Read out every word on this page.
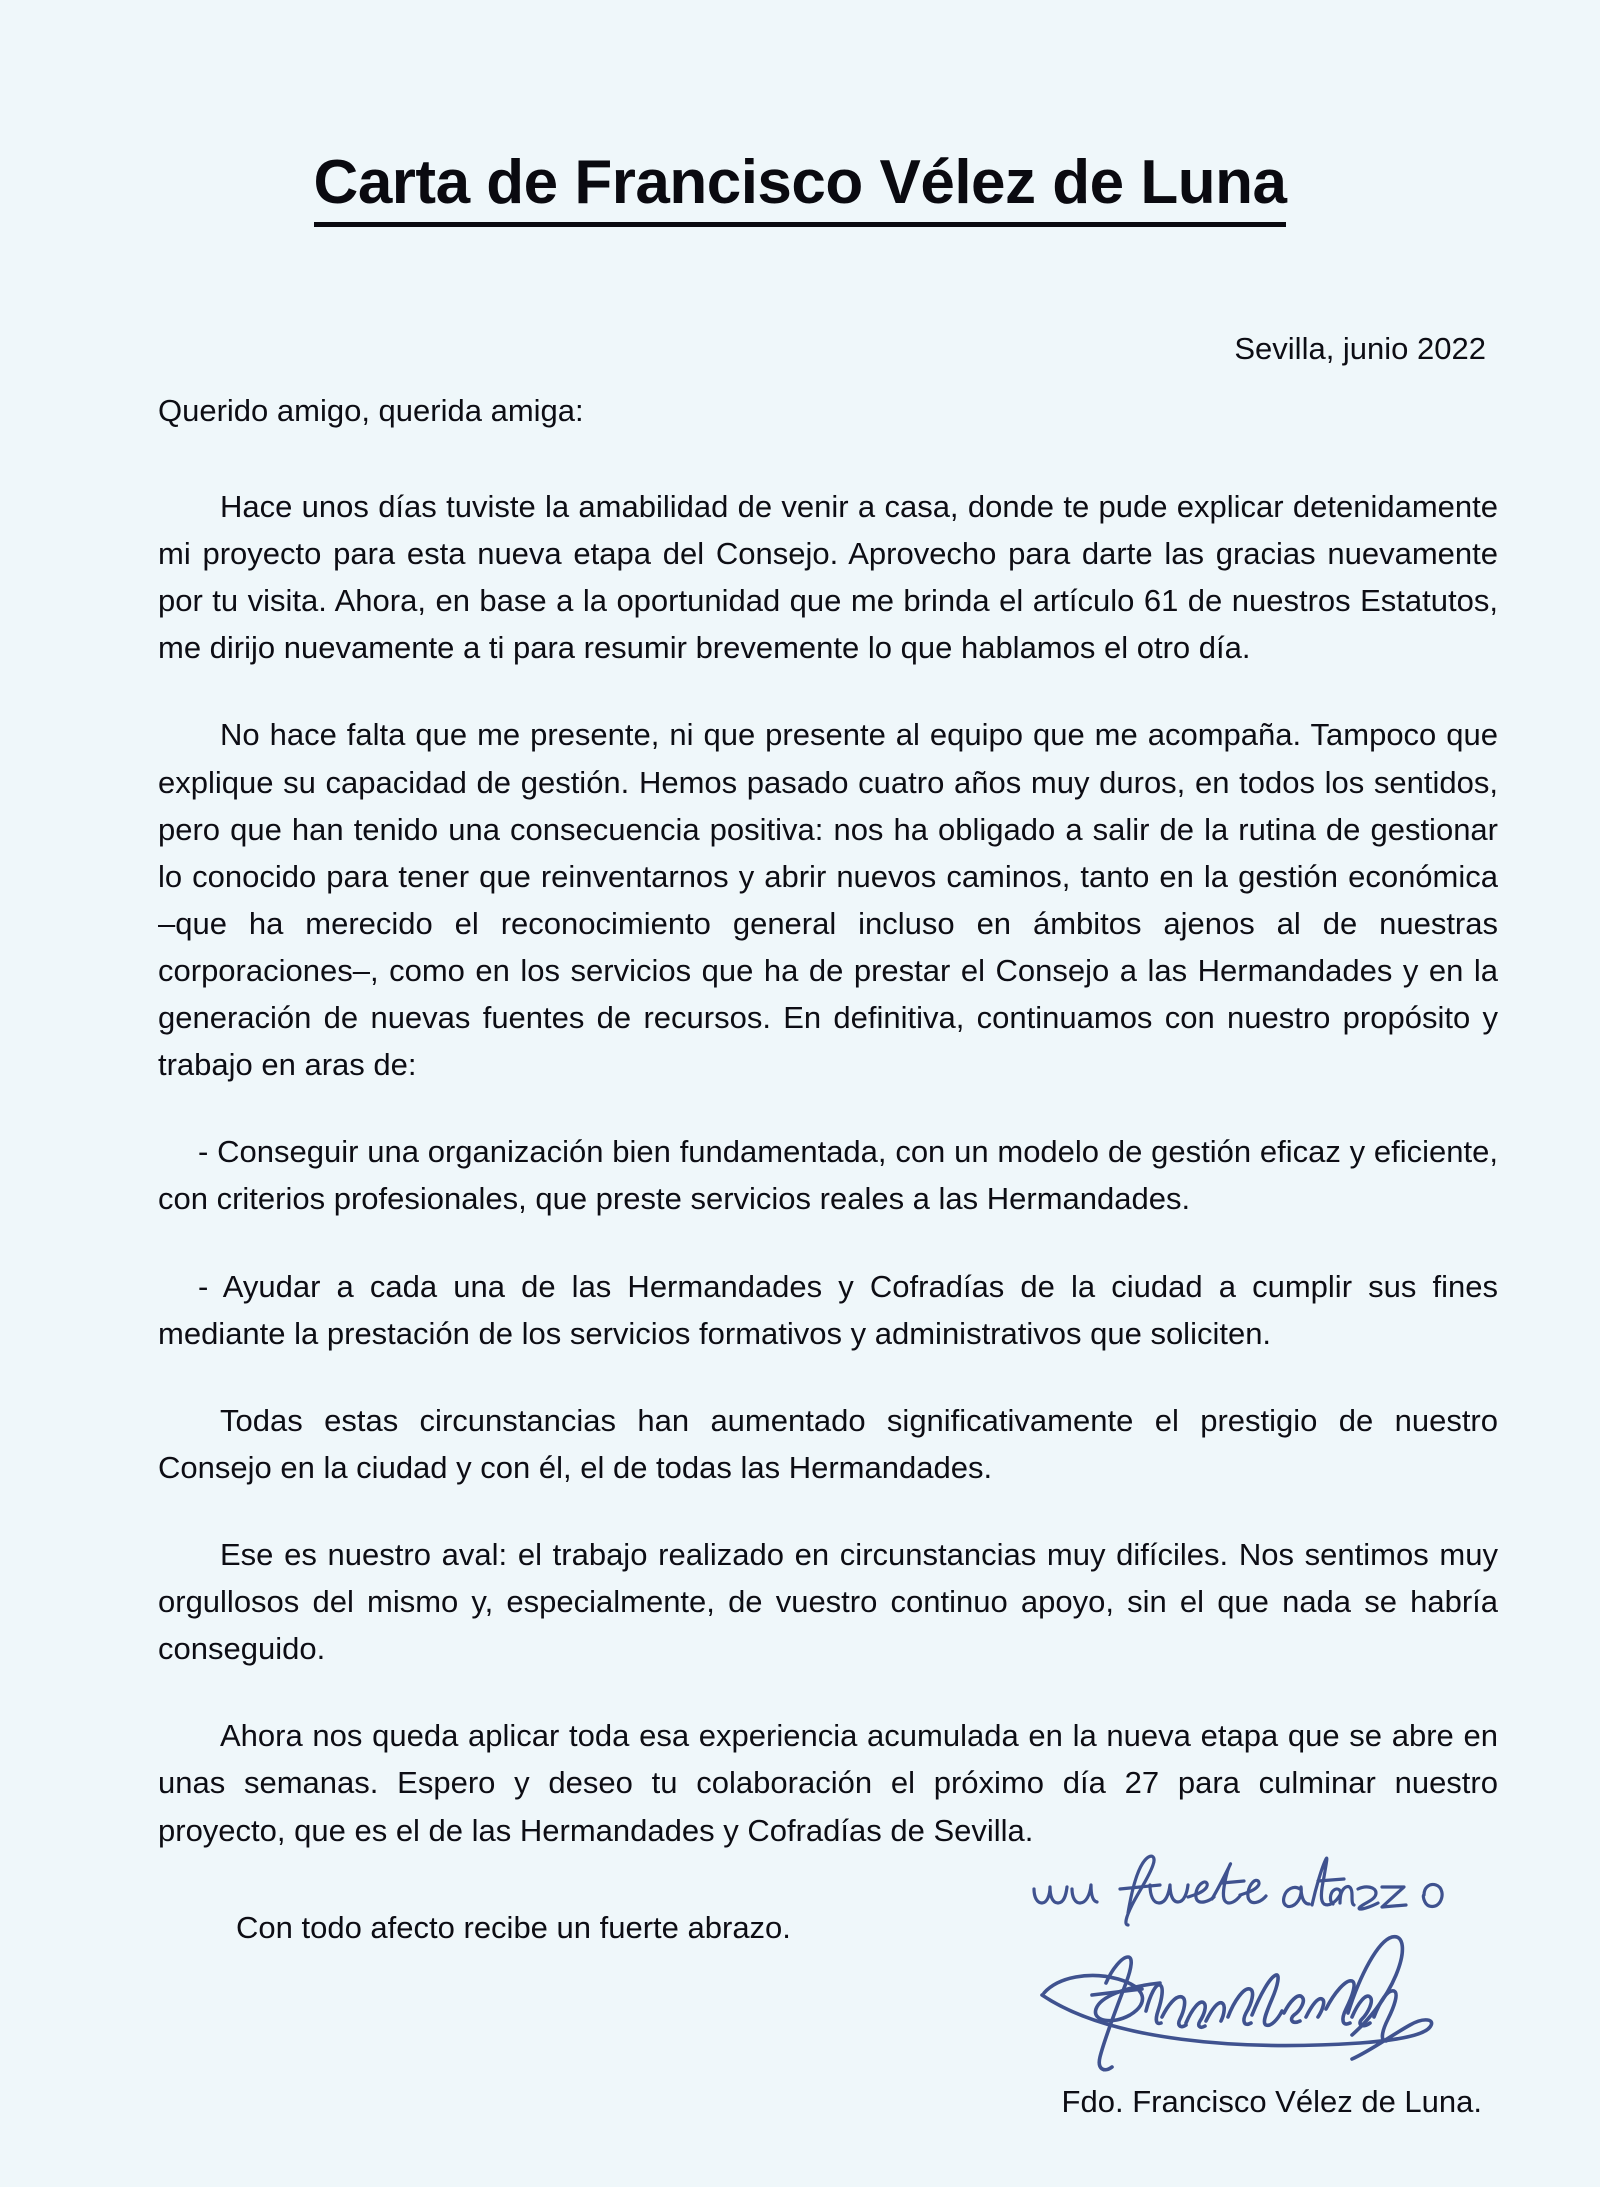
Carta de Francisco Vélez de Luna
Sevilla, junio 2022
Querido amigo, querida amiga:

Hace unos días tuviste la amabilidad de venir a casa, donde te pude explicar detenidamente mi proyecto para esta nueva etapa del Consejo. Aprovecho para darte las gracias nuevamente por tu visita. Ahora, en base a la oportunidad que me brinda el artículo 61 de nuestros Estatutos, me dirijo nuevamente a ti para resumir brevemente lo que hablamos el otro día.

No hace falta que me presente, ni que presente al equipo que me acompaña. Tampoco que explique su capacidad de gestión. Hemos pasado cuatro años muy duros, en todos los sentidos, pero que han tenido una consecuencia positiva: nos ha obligado a salir de la rutina de gestionar lo conocido para tener que reinventarnos y abrir nuevos caminos, tanto en la gestión económica –que ha merecido el reconocimiento general incluso en ámbitos ajenos al de nuestras corporaciones–, como en los servicios que ha de prestar el Consejo a las Hermandades y en la generación de nuevas fuentes de recursos. En definitiva, continuamos con nuestro propósito y trabajo en aras de:

- Conseguir una organización bien fundamentada, con un modelo de gestión eficaz y eficiente, con criterios profesionales, que preste servicios reales a las Hermandades.

- Ayudar a cada una de las Hermandades y Cofradías de la ciudad a cumplir sus fines mediante la prestación de los servicios formativos y administrativos que soliciten.

Todas estas circunstancias han aumentado significativamente el prestigio de nuestro Consejo en la ciudad y con él, el de todas las Hermandades.

Ese es nuestro aval: el trabajo realizado en circunstancias muy difíciles. Nos sentimos muy orgullosos del mismo y, especialmente, de vuestro continuo apoyo, sin el que nada se habría conseguido.

Ahora nos queda aplicar toda esa experiencia acumulada en la nueva etapa que se abre en unas semanas. Espero y deseo tu colaboración el próximo día 27 para culminar nuestro proyecto, que es el de las Hermandades y Cofradías de Sevilla.

Con todo afecto recibe un fuerte abrazo.
Fdo. Francisco Vélez de Luna.
